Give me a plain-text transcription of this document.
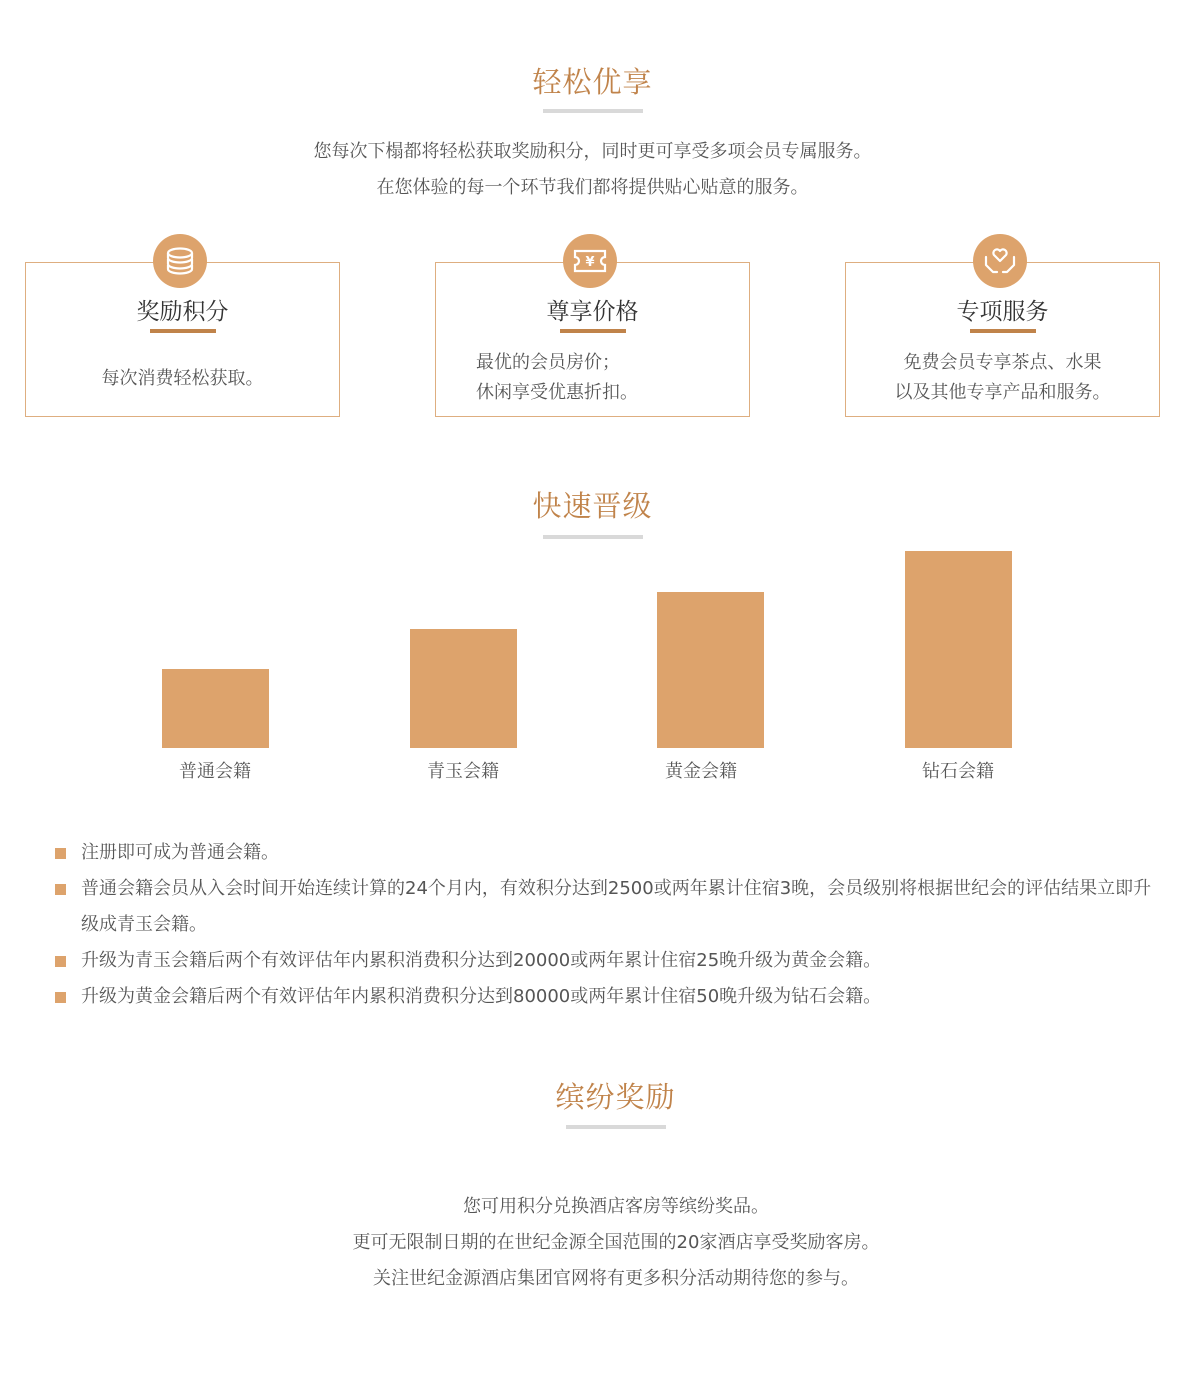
轻松优享
您每次下榻都将轻松获取奖励积分，同时更可享受多项会员专属服务。
在您体验的每一个环节我们都将提供贴心贴意的服务。
奖励积分
每次消费轻松获取。
¥
尊享价格
最优的会员房价；
休闲享受优惠折扣。
专项服务
免费会员专享茶点、水果
以及其他专享产品和服务。
快速晋级
普通会籍	青玉会籍	黄金会籍	钻石会籍
注册即可成为普通会籍。
普通会籍会员从入会时间开始连续计算的24个月内，有效积分达到2500或两年累计住宿3晚，会员级别将根据世纪会的评估结果立即升级成青玉会籍。
升级为青玉会籍后两个有效评估年内累积消费积分达到20000或两年累计住宿25晚升级为黄金会籍。
升级为黄金会籍后两个有效评估年内累积消费积分达到80000或两年累计住宿50晚升级为钻石会籍。
缤纷奖励
您可用积分兑换酒店客房等缤纷奖品。
更可无限制日期的在世纪金源全国范围的20家酒店享受奖励客房。
关注世纪金源酒店集团官网将有更多积分活动期待您的参与。
